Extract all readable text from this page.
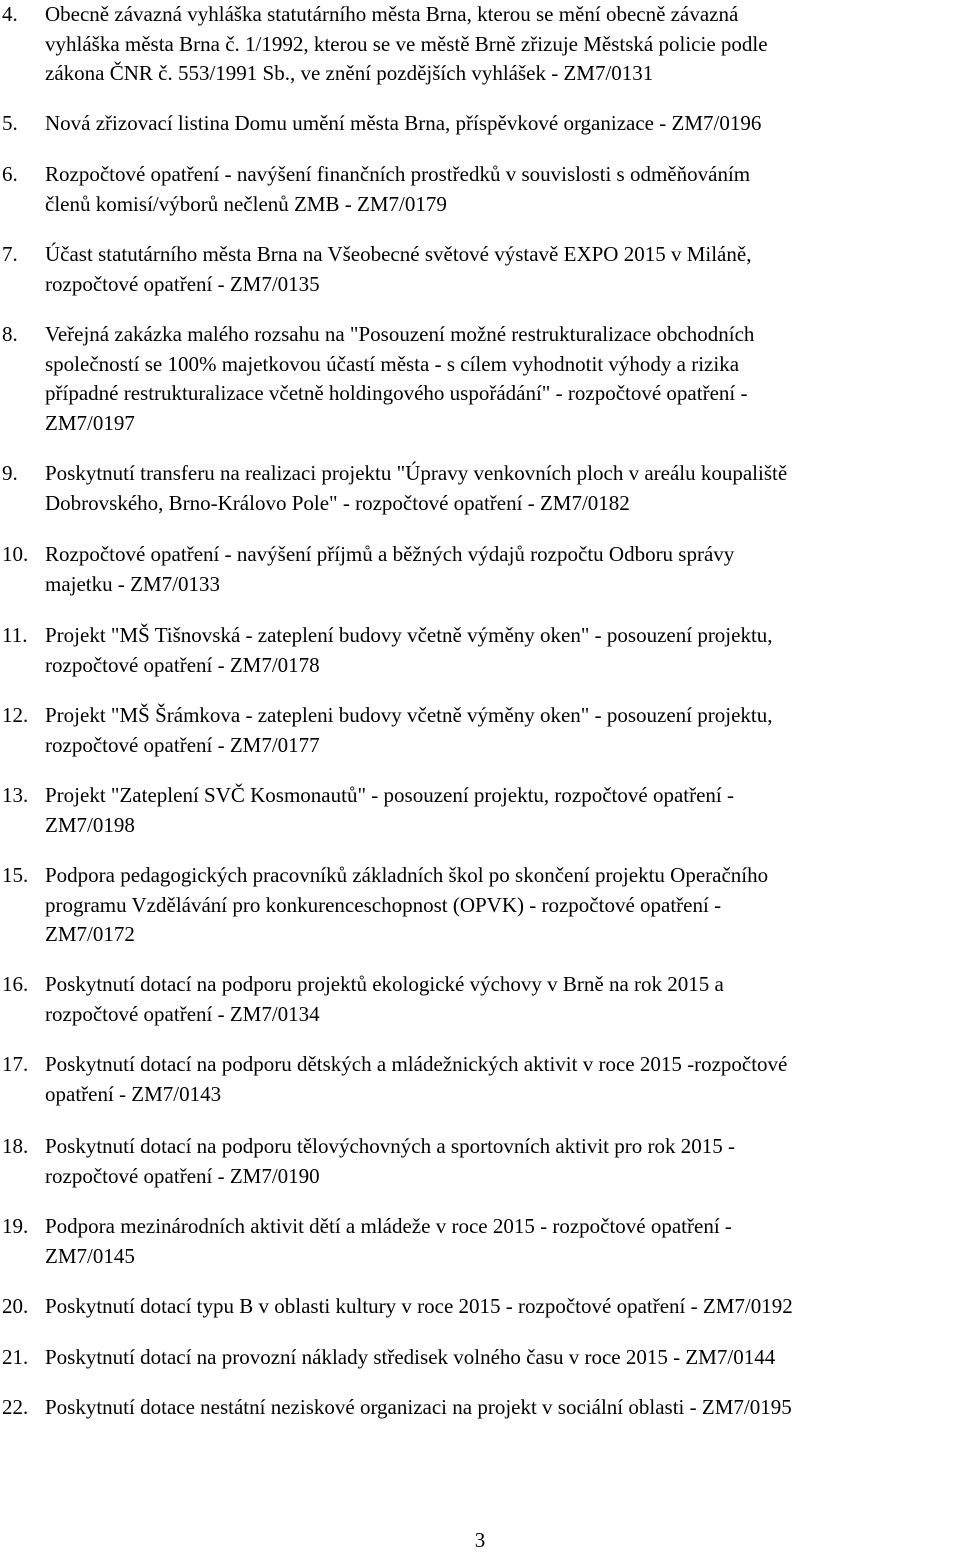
4. Obecně závazná vyhláška statutárního města Brna, kterou se mění obecně závazná
vyhláška města Brna č. 1/1992, kterou se ve městě Brně zřizuje Městská policie podle
zákona ČNR č. 553/1991 Sb., ve znění pozdějších vyhlášek - ZM7/0131
5. Nová zřizovací listina Domu umění města Brna, příspěvkové organizace - ZM7/0196
6. Rozpočtové opatření - navýšení finančních prostředků v souvislosti s odměňováním
členů komisí/výborů nečlenů ZMB - ZM7/0179
7. Účast statutárního města Brna na Všeobecné světové výstavě EXPO 2015 v Miláně,
rozpočtové opatření - ZM7/0135
8. Veřejná zakázka malého rozsahu na "Posouzení možné restrukturalizace obchodních
společností se 100% majetkovou účastí města - s cílem vyhodnotit výhody a rizika
případné restrukturalizace včetně holdingového uspořádání" - rozpočtové opatření -
ZM7/0197
9. Poskytnutí transferu na realizaci projektu "Úpravy venkovních ploch v areálu koupaliště
Dobrovského, Brno-Královo Pole" - rozpočtové opatření - ZM7/0182
10. Rozpočtové opatření - navýšení příjmů a běžných výdajů rozpočtu Odboru správy
majetku - ZM7/0133
11. Projekt "MŠ Tišnovská - zateplení budovy včetně výměny oken" - posouzení projektu,
rozpočtové opatření - ZM7/0178
12. Projekt "MŠ Šrámkova - zatepleni budovy včetně výměny oken" - posouzení projektu,
rozpočtové opatření - ZM7/0177
13. Projekt "Zateplení SVČ Kosmonautů" - posouzení projektu, rozpočtové opatření -
ZM7/0198
15. Podpora pedagogických pracovníků základních škol po skončení projektu Operačního
programu Vzdělávání pro konkurenceschopnost (OPVK) - rozpočtové opatření -
ZM7/0172
16. Poskytnutí dotací na podporu projektů ekologické výchovy v Brně na rok 2015 a
rozpočtové opatření - ZM7/0134
17. Poskytnutí dotací na podporu dětských a mládežnických aktivit v roce 2015 -rozpočtové
opatření - ZM7/0143
18. Poskytnutí dotací na podporu tělovýchovných a sportovních aktivit pro rok 2015 -
rozpočtové opatření - ZM7/0190
19. Podpora mezinárodních aktivit dětí a mládeže v roce 2015 - rozpočtové opatření -
ZM7/0145
20. Poskytnutí dotací typu B v oblasti kultury v roce 2015 - rozpočtové opatření - ZM7/0192
21. Poskytnutí dotací na provozní náklady středisek volného času v roce 2015 - ZM7/0144
22. Poskytnutí dotace nestátní neziskové organizaci na projekt v sociální oblasti - ZM7/0195
3
